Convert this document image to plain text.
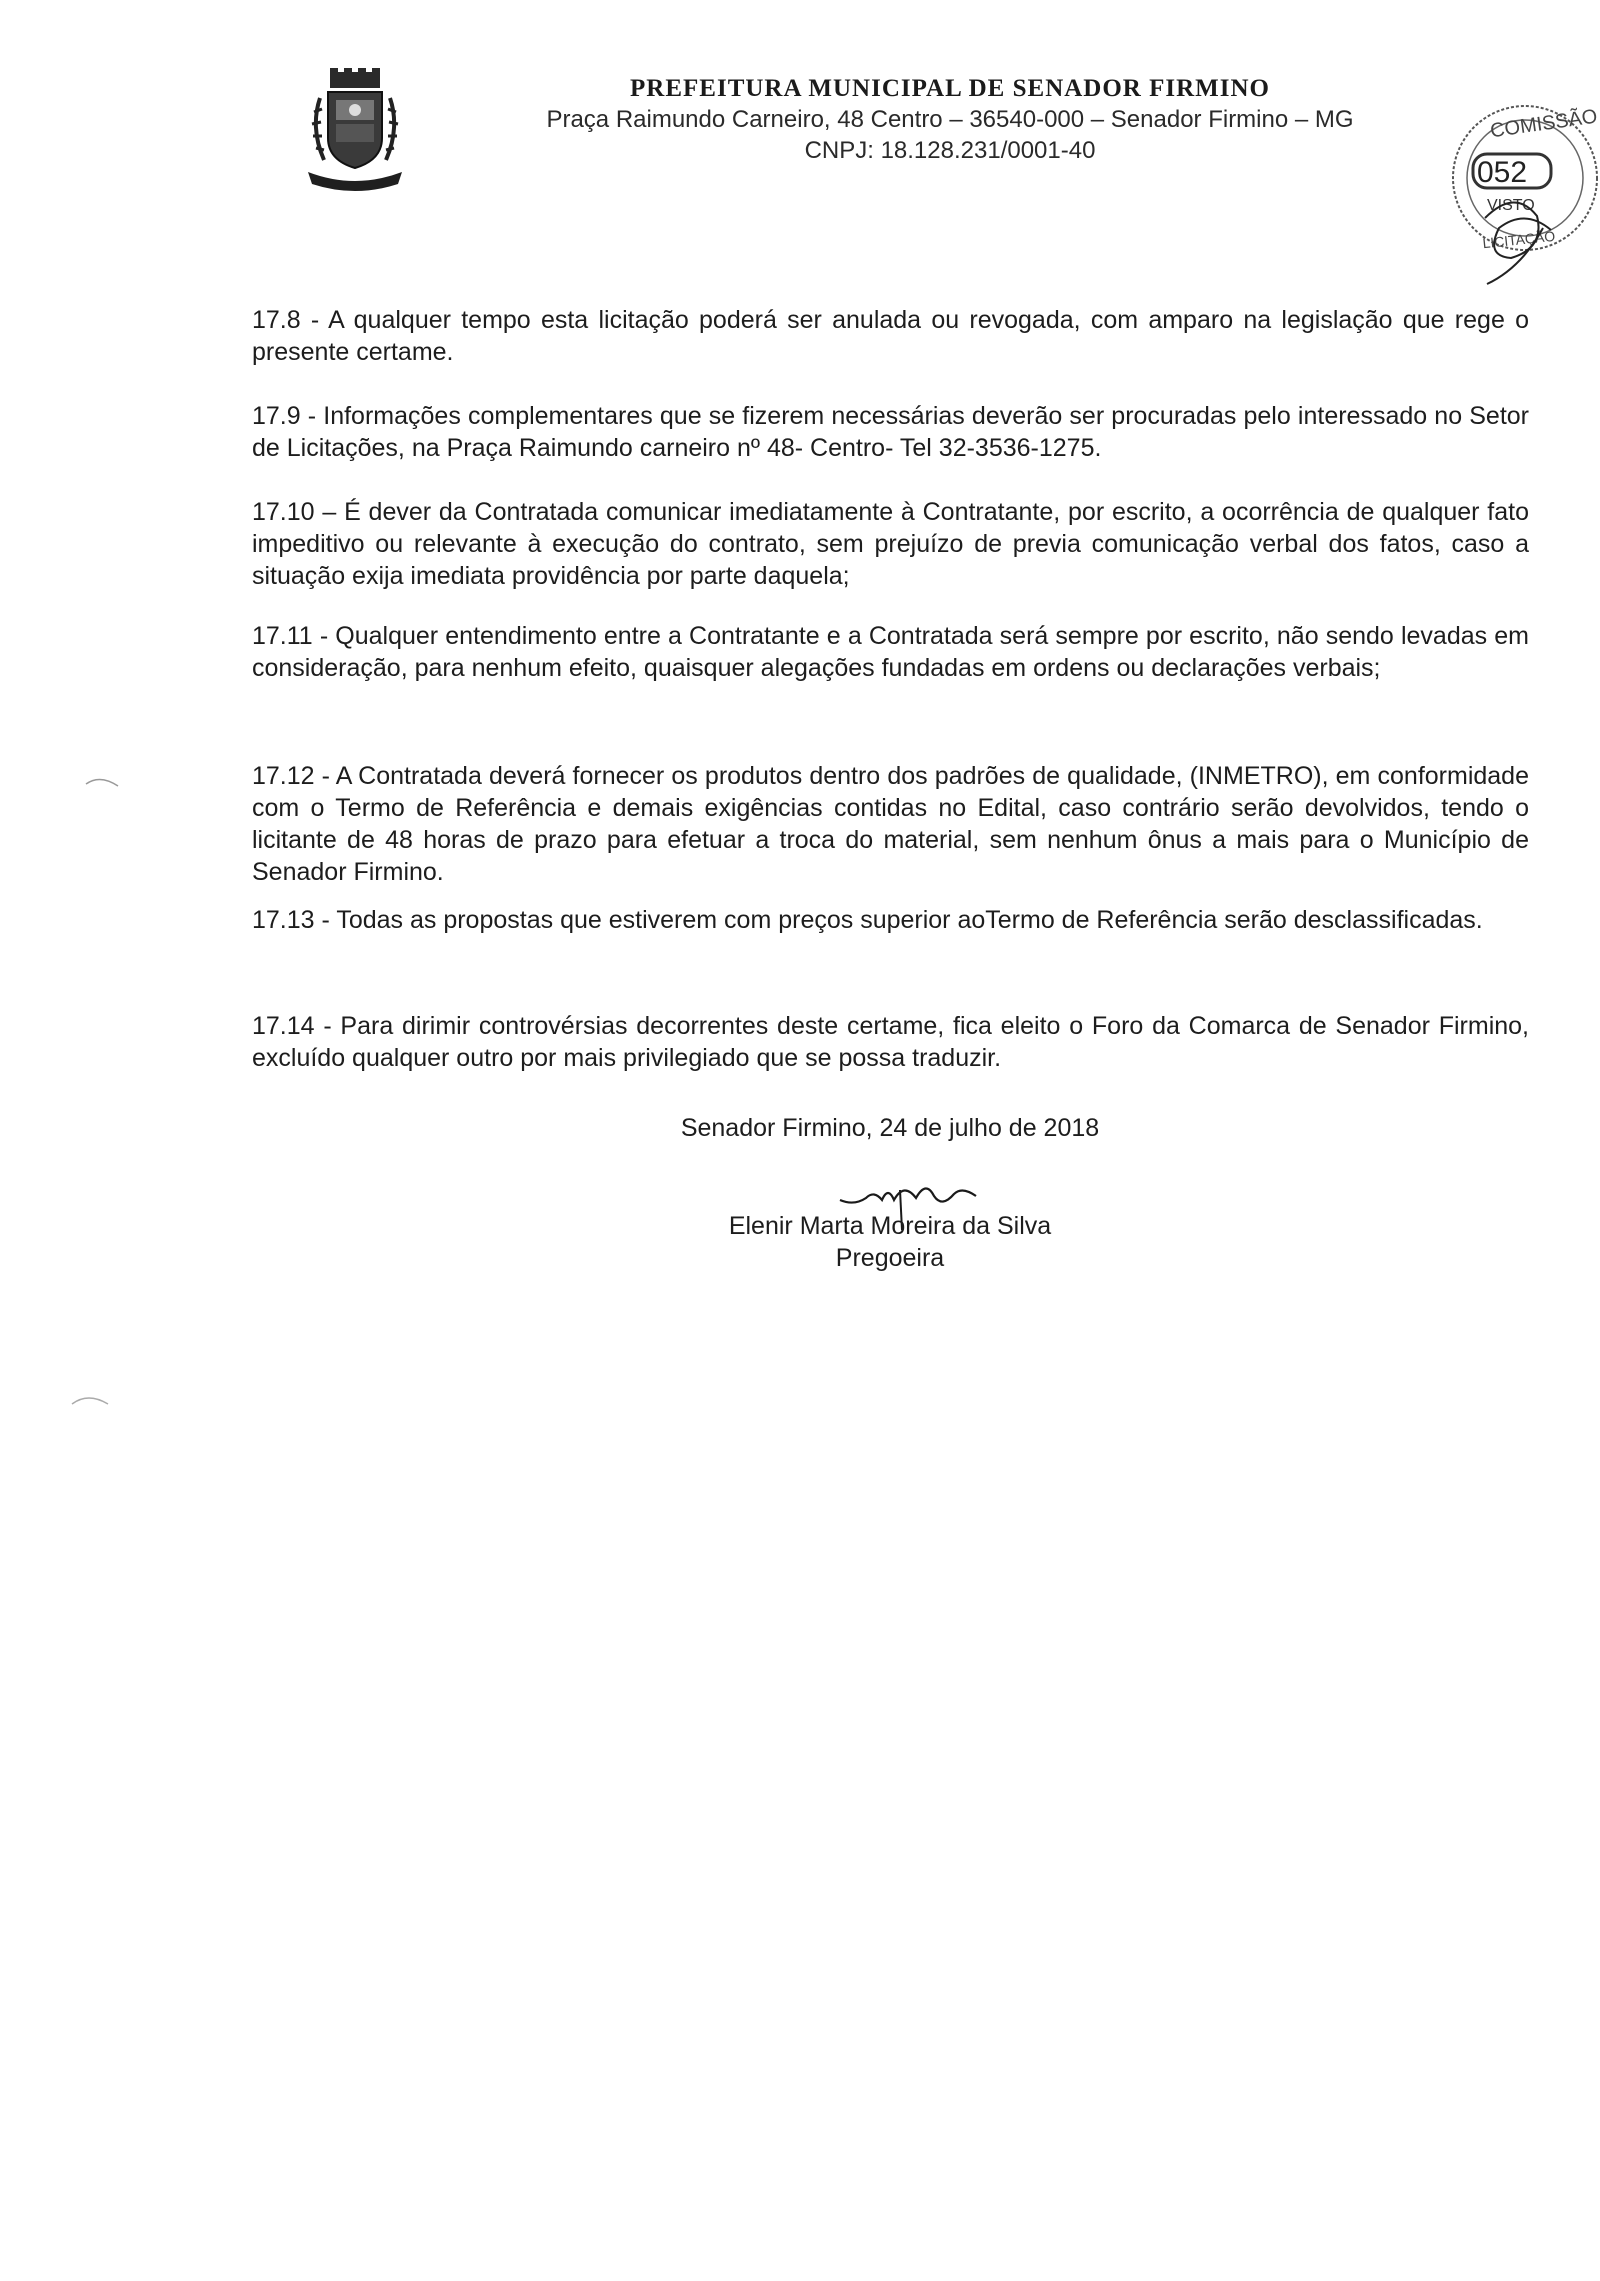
PREFEITURA MUNICIPAL DE SENADOR FIRMINO
Praça Raimundo Carneiro, 48 Centro – 36540-000 – Senador Firmino – MG
CNPJ: 18.128.231/0001-40
COMISSÃO
052
VISTO
LICITAÇÃO

17.8 - A qualquer tempo esta licitação poderá ser anulada ou revogada, com amparo na legislação que rege o presente certame.

17.9 - Informações complementares que se fizerem necessárias deverão ser procuradas pelo interessado no Setor de Licitações, na Praça Raimundo carneiro nº 48- Centro- Tel 32-3536-1275.

17.10 – É dever da Contratada comunicar imediatamente à Contratante, por escrito, a ocorrência de qualquer fato impeditivo ou relevante à execução do contrato, sem prejuízo de previa comunicação verbal dos fatos, caso a situação exija imediata providência por parte daquela;

17.11 - Qualquer entendimento entre a Contratante e a Contratada será sempre por escrito, não sendo levadas em consideração, para nenhum efeito, quaisquer alegações fundadas em ordens ou declarações verbais;

17.12 - A Contratada deverá fornecer os produtos dentro dos padrões de qualidade, (INMETRO), em conformidade com o Termo de Referência e demais exigências contidas no Edital, caso contrário serão devolvidos, tendo o licitante de 48 horas de prazo para efetuar a troca do material, sem nenhum ônus a mais para o Município de Senador Firmino.

17.13 - Todas as propostas que estiverem com preços superior aoTermo de Referência serão desclassificadas.

17.14 - Para dirimir controvérsias decorrentes deste certame, fica eleito o Foro da Comarca de Senador Firmino, excluído qualquer outro por mais privilegiado que se possa traduzir.

Senador Firmino, 24 de julho de 2018
Elenir Marta Moreira da Silva
Pregoeira
